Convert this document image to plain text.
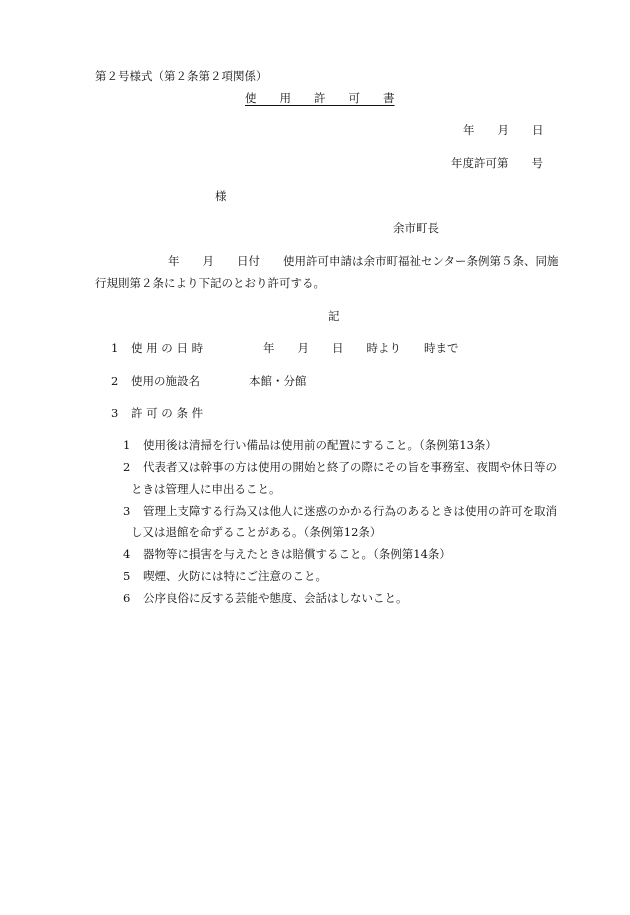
第２号様式（第２条第２項関係）
使　　用　　許　　可　　書
年　　月　　日
年度許可第　　号
様
余市町長
年　　月　　日付　　使用許可申請は余市町福祉センター条例第５条、同施
行規則第２条により下記のとおり許可する。
記
1 使 用 の 日 時	年　　月　　日　　時より　　時まで
2 使用の施設名	本館・分館
3 許 可 の 条 件
1 使用後は清掃を行い備品は使用前の配置にすること。（条例第13条）
2 代表者又は幹事の方は使用の開始と終了の際にその旨を事務室、夜間や休日等の
ときは管理人に申出ること。
3 管理上支障する行為又は他人に迷惑のかかる行為のあるときは使用の許可を取消
し又は退館を命ずることがある。（条例第12条）
4 器物等に損害を与えたときは賠償すること。（条例第14条）
5 喫煙、火防には特にご注意のこと。
6 公序良俗に反する芸能や態度、会話はしないこと。
